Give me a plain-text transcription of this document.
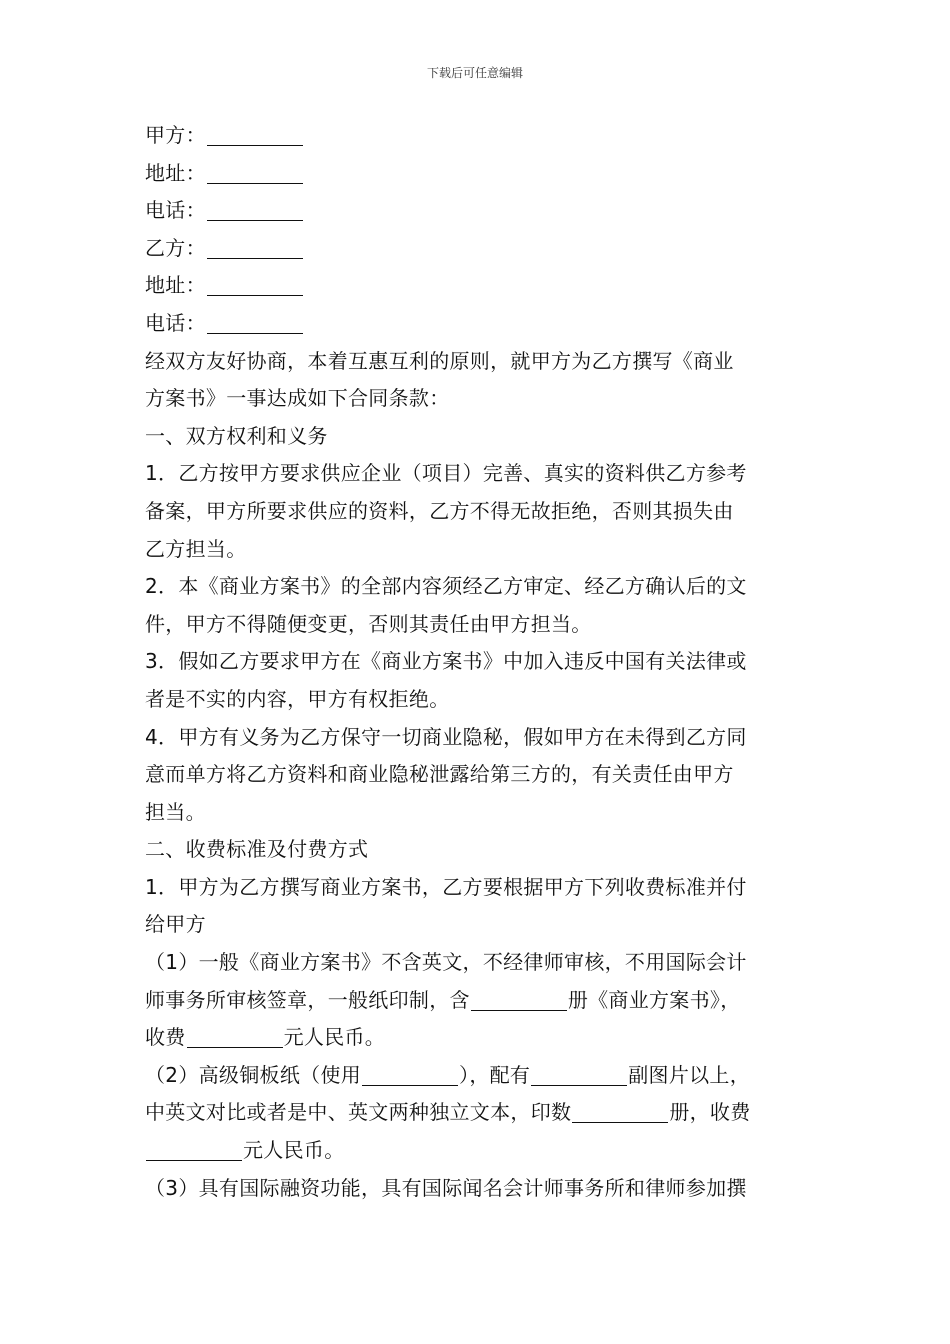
下载后可任意编辑
甲方：
地址：
电话：
乙方：
地址：
电话：
经双方友好协商，本着互惠互利的原则，就甲方为乙方撰写《商业
方案书》一事达成如下合同条款：
一、双方权利和义务
1．乙方按甲方要求供应企业（项目）完善、真实的资料供乙方参考
备案，甲方所要求供应的资料，乙方不得无故拒绝，否则其损失由
乙方担当。
2．本《商业方案书》的全部内容须经乙方审定、经乙方确认后的文
件，甲方不得随便变更，否则其责任由甲方担当。
3．假如乙方要求甲方在《商业方案书》中加入违反中国有关法律或
者是不实的内容，甲方有权拒绝。
4．甲方有义务为乙方保守一切商业隐秘，假如甲方在未得到乙方同
意而单方将乙方资料和商业隐秘泄露给第三方的，有关责任由甲方
担当。
二、收费标准及付费方式
1．甲方为乙方撰写商业方案书，乙方要根据甲方下列收费标准并付
给甲方
（1）一般《商业方案书》不含英文，不经律师审核，不用国际会计
师事务所审核签章，一般纸印制，含	册《商业方案书》，
收费	元人民币。
（2）高级铜板纸（使用	），配有	副图片以上，
中英文对比或者是中、英文两种独立文本，印数	册，收费
元人民币。
（3）具有国际融资功能，具有国际闻名会计师事务所和律师参加撰
